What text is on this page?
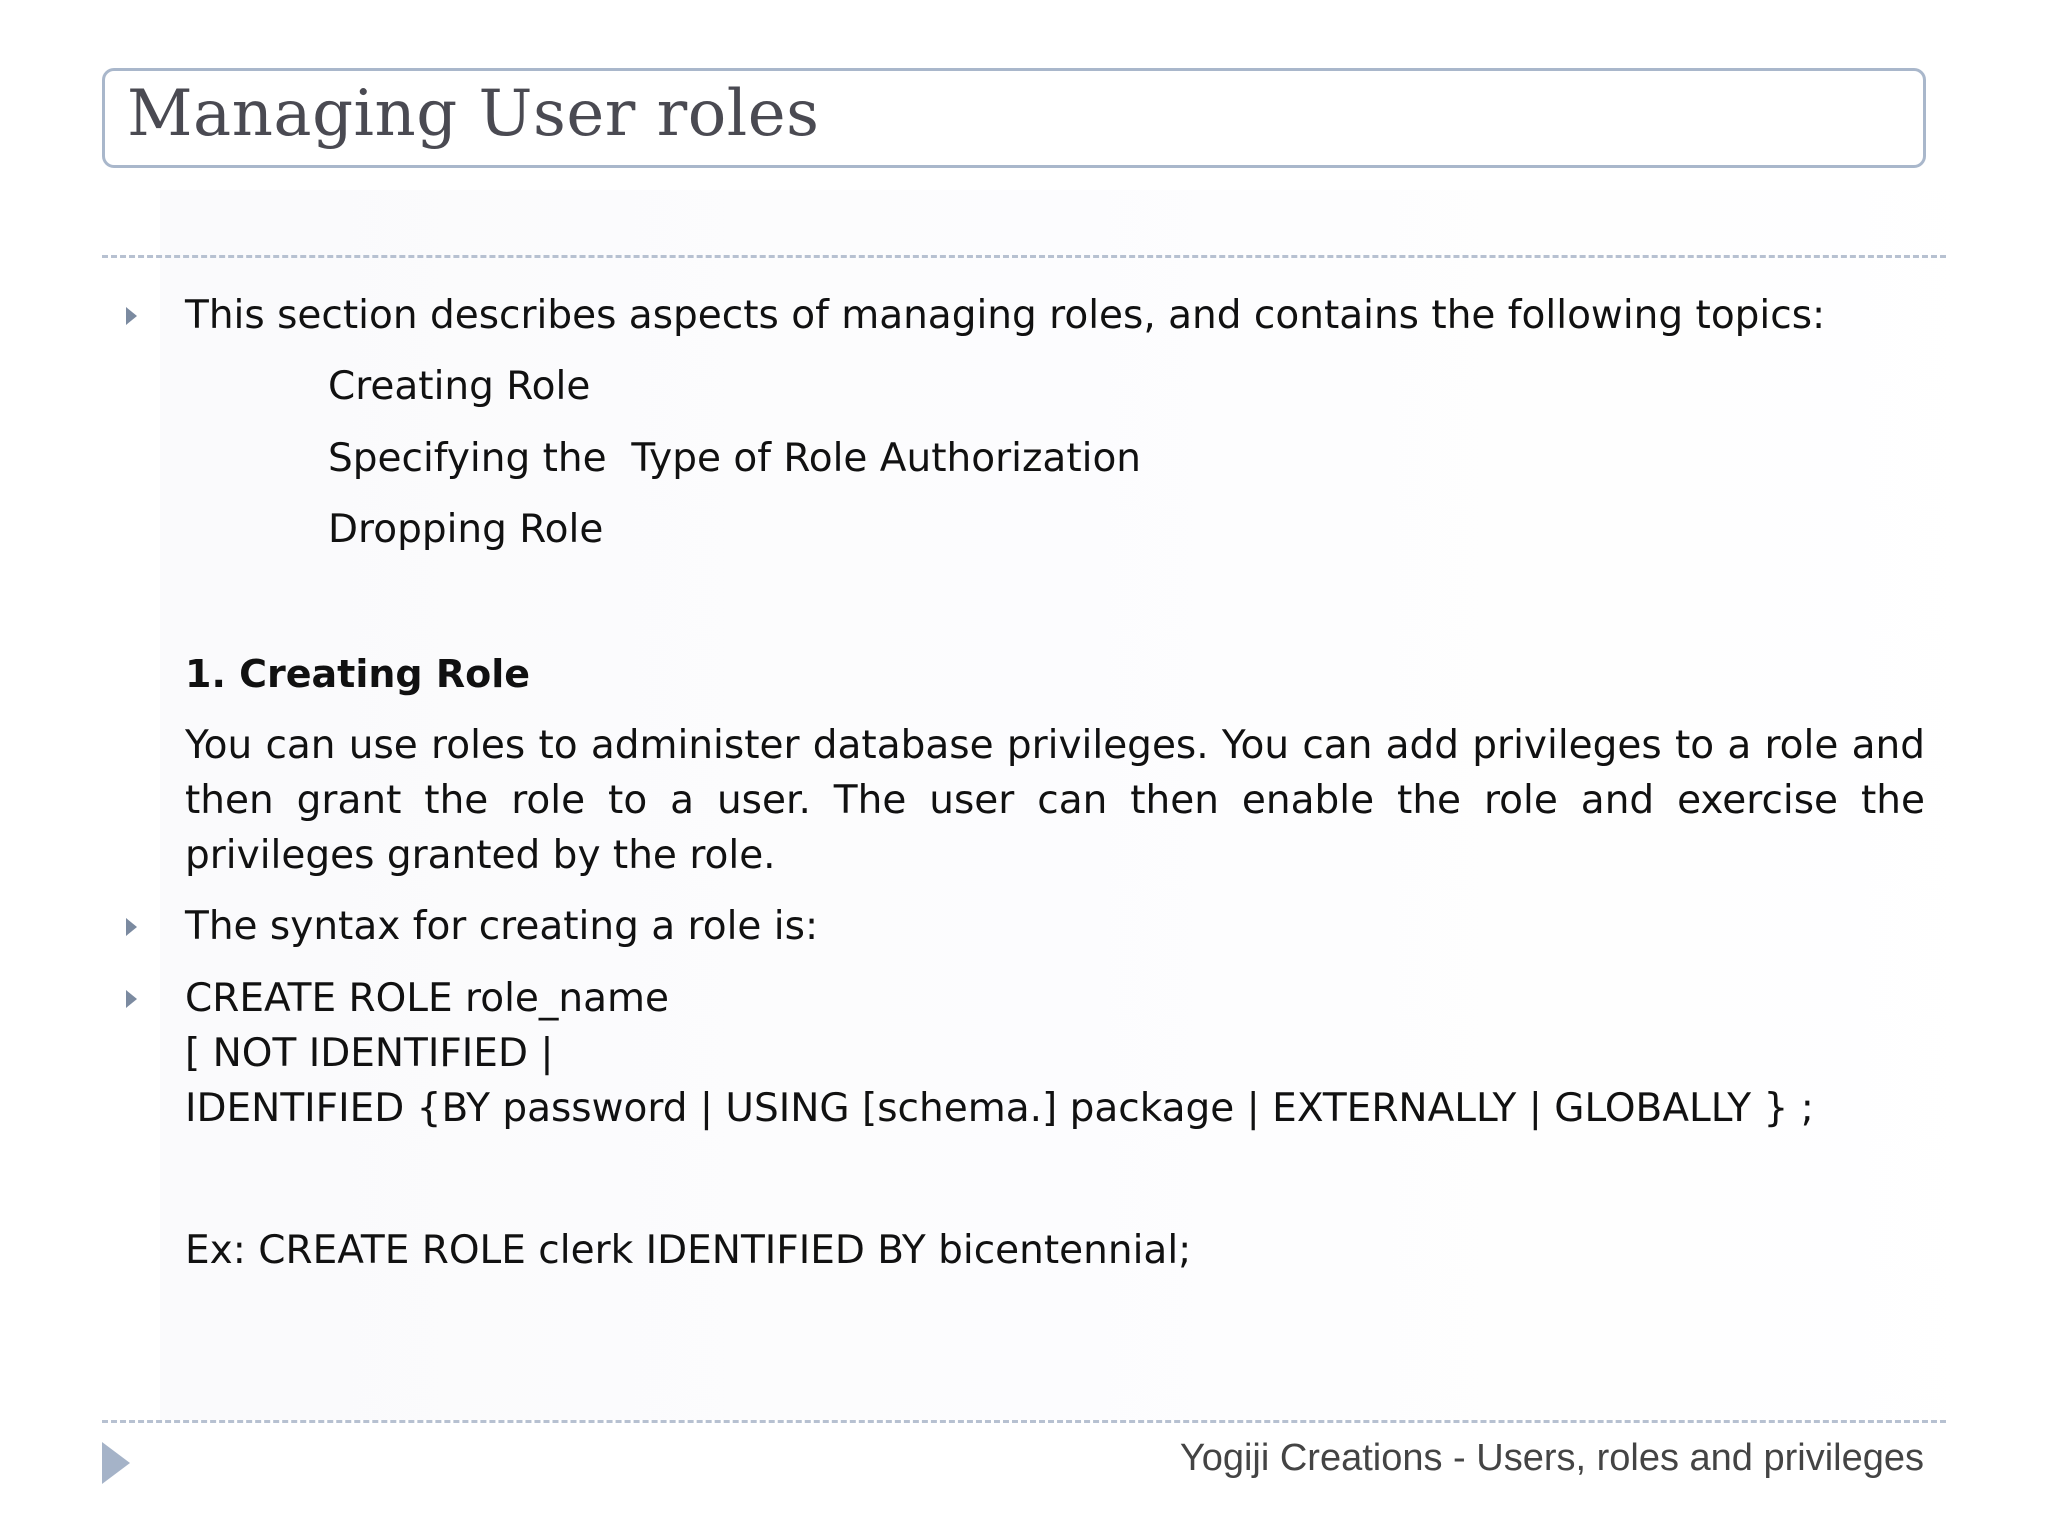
Managing User roles
This section describes aspects of managing roles, and contains the following topics:
Creating Role
Specifying the  Type of Role Authorization
Dropping Role
1. Creating Role
You can use roles to administer database privileges. You can add privileges to a role and then grant the role to a user. The user can then enable the role and exercise the privileges granted by the role.
The syntax for creating a role is:
CREATE ROLE role_name
[ NOT IDENTIFIED |
IDENTIFIED {BY password | USING [schema.] package | EXTERNALLY | GLOBALLY } ;
Ex: CREATE ROLE clerk IDENTIFIED BY bicentennial;
Yogiji Creations - Users, roles and privileges
